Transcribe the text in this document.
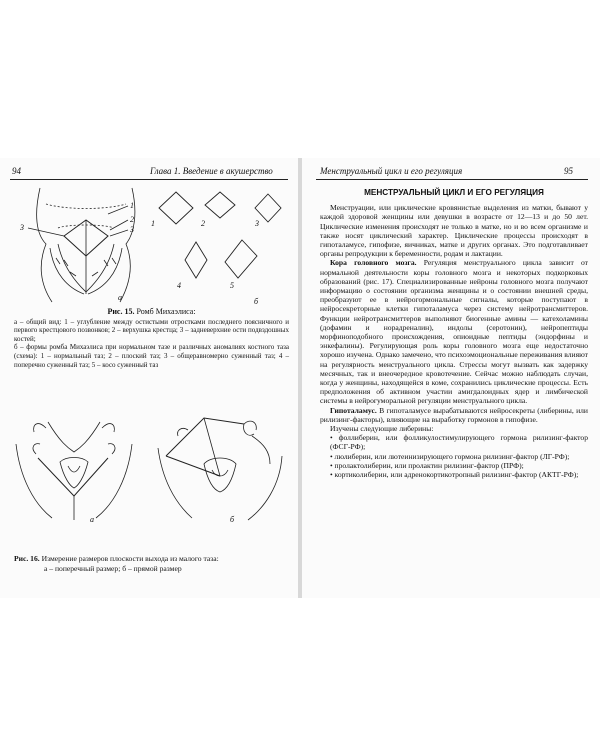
94	Глава 1. Введение в акушерство
1
2
3
3
а
1	2	3
4	5
б
Рис. 15. Ромб Михаэлиса:
а – общий вид: 1 – углубление между остистыми отростками последнего поясничного и первого крестцового позвонков; 2 – верхушка крестца; 3 – задневерхние ости подвздошных костей;
б – формы ромба Михаэлиса при нормальном тазе и различных аномалиях костного таза (схема): 1 – нормальный таз; 2 – плоский таз; 3 – общеравномерно суженный таз; 4 – поперечно суженный таз; 5 – косо суженный таз
а	б
Рис. 16. Измерение размеров плоскости выхода из малого таза:
а – поперечный размер; б – прямой размер
Менструальный цикл и его регуляция	95

МЕНСТРУАЛЬНЫЙ ЦИКЛ И ЕГО РЕГУЛЯЦИЯ

Менструации, или циклические кровянистые выделения из матки, бывают у каждой здоровой женщины или девушки в возрасте от 12—13 и до 50 лет. Циклические изменения происходят не только в матке, но и во всем организме и также носят циклический характер. Циклические процессы происходят в гипоталамусе, гипофизе, яичниках, матке и других органах. Это подготавливает органы репродукции к беременности, родам и лактации.

Кора головного мозга. Регуляция менструального цикла зависит от нормальной деятельности коры головного мозга и некоторых подкорковых образований (рис. 17). Специализированные нейроны головного мозга получают информацию о состоянии организма женщины и о состоянии внешней среды, преобразуют ее в нейрогормональные сигналы, которые поступают в нейросекреторные клетки гипоталамуса через систему нейротрансмиттеров. Функции нейротрансмиттеров выполняют биогенные амины — катехоламины (дофамин и норадреналин), индолы (серотонин), нейропептиды морфиноподобного происхождения, опиоидные пептиды (эндорфины и энкефалины). Регулирующая роль коры головного мозга еще недостаточно хорошо изучена. Однако замечено, что психоэмоциональные переживания влияют на регулярность менструального цикла. Стрессы могут вызвать как задержку месячных, так и внеочередное кровотечение. Сейчас можно наблюдать случаи, когда у женщины, находящейся в коме, сохранились циклические процессы. Есть предположения об активном участии амигдалоидных ядер и лимбической системы в нейрогуморальной регуляции менструального цикла.

Гипоталамус. В гипоталамусе вырабатываются нейросекреты (либерины, или рилизинг-факторы), влияющие на выработку гормонов в гипофизе.

Изучены следующие либерины:

• фоллиберин, или фолликулостимулирующего гормона рилизинг-фактор (ФСГ-РФ);

• люлиберин, или лютеинизирующего гормона рилизинг-фактор (ЛГ-РФ);

• пролактолиберин, или пролактин рилизинг-фактор (ПРФ);

• кортиколиберин, или адренокортикотропный рилизинг-фактор (АКТГ-РФ);
